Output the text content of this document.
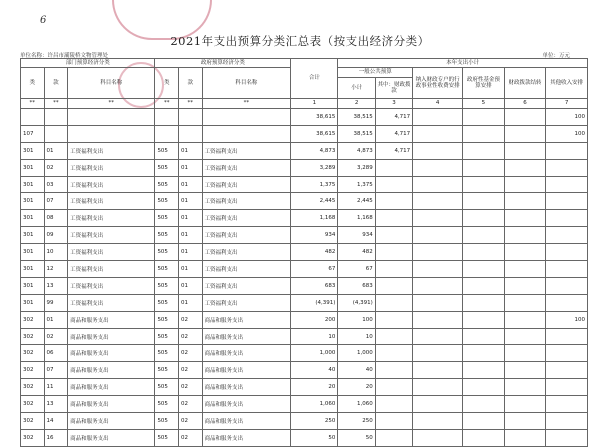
6
2021年支出预算分类汇总表（按支出经济分类）
单位名称：许昌市灞陵桥文物管理处	单位：万元
部门预算经济分类			政府预算经济分类			合计	本年支出小计					
类	款	科目名称	类	款	科目名称		一般公共预算
小计
其中：财政拨款		纳入财政专户的行政事业性收费安排	政府性基金预算安排	财政拨款结转	其他收入安排
**	**	**	**	**	**	1	2	3	4	5	6	7
						38,615	38,515	4,717				100
107						38,615	38,515	4,717				100
301	01	工资福利支出	505	01	工资福利支出	4,873	4,873	4,717				
301	02	工资福利支出	505	01	工资福利支出	3,289	3,289					
301	03	工资福利支出	505	01	工资福利支出	1,375	1,375					
301	07	工资福利支出	505	01	工资福利支出	2,445	2,445					
301	08	工资福利支出	505	01	工资福利支出	1,168	1,168					
301	09	工资福利支出	505	01	工资福利支出	934	934					
301	10	工资福利支出	505	01	工资福利支出	482	482					
301	12	工资福利支出	505	01	工资福利支出	67	67					
301	13	工资福利支出	505	01	工资福利支出	683	683					
301	99	工资福利支出	505	01	工资福利支出	(4,391)	(4,391)					
302	01	商品和服务支出	505	02	商品和服务支出	200	100					100
302	02	商品和服务支出	505	02	商品和服务支出	10	10					
302	06	商品和服务支出	505	02	商品和服务支出	1,000	1,000					
302	07	商品和服务支出	505	02	商品和服务支出	40	40					
302	11	商品和服务支出	505	02	商品和服务支出	20	20					
302	13	商品和服务支出	505	02	商品和服务支出	1,060	1,060					
302	14	商品和服务支出	505	02	商品和服务支出	250	250					
302	16	商品和服务支出	505	02	商品和服务支出	50	50					
